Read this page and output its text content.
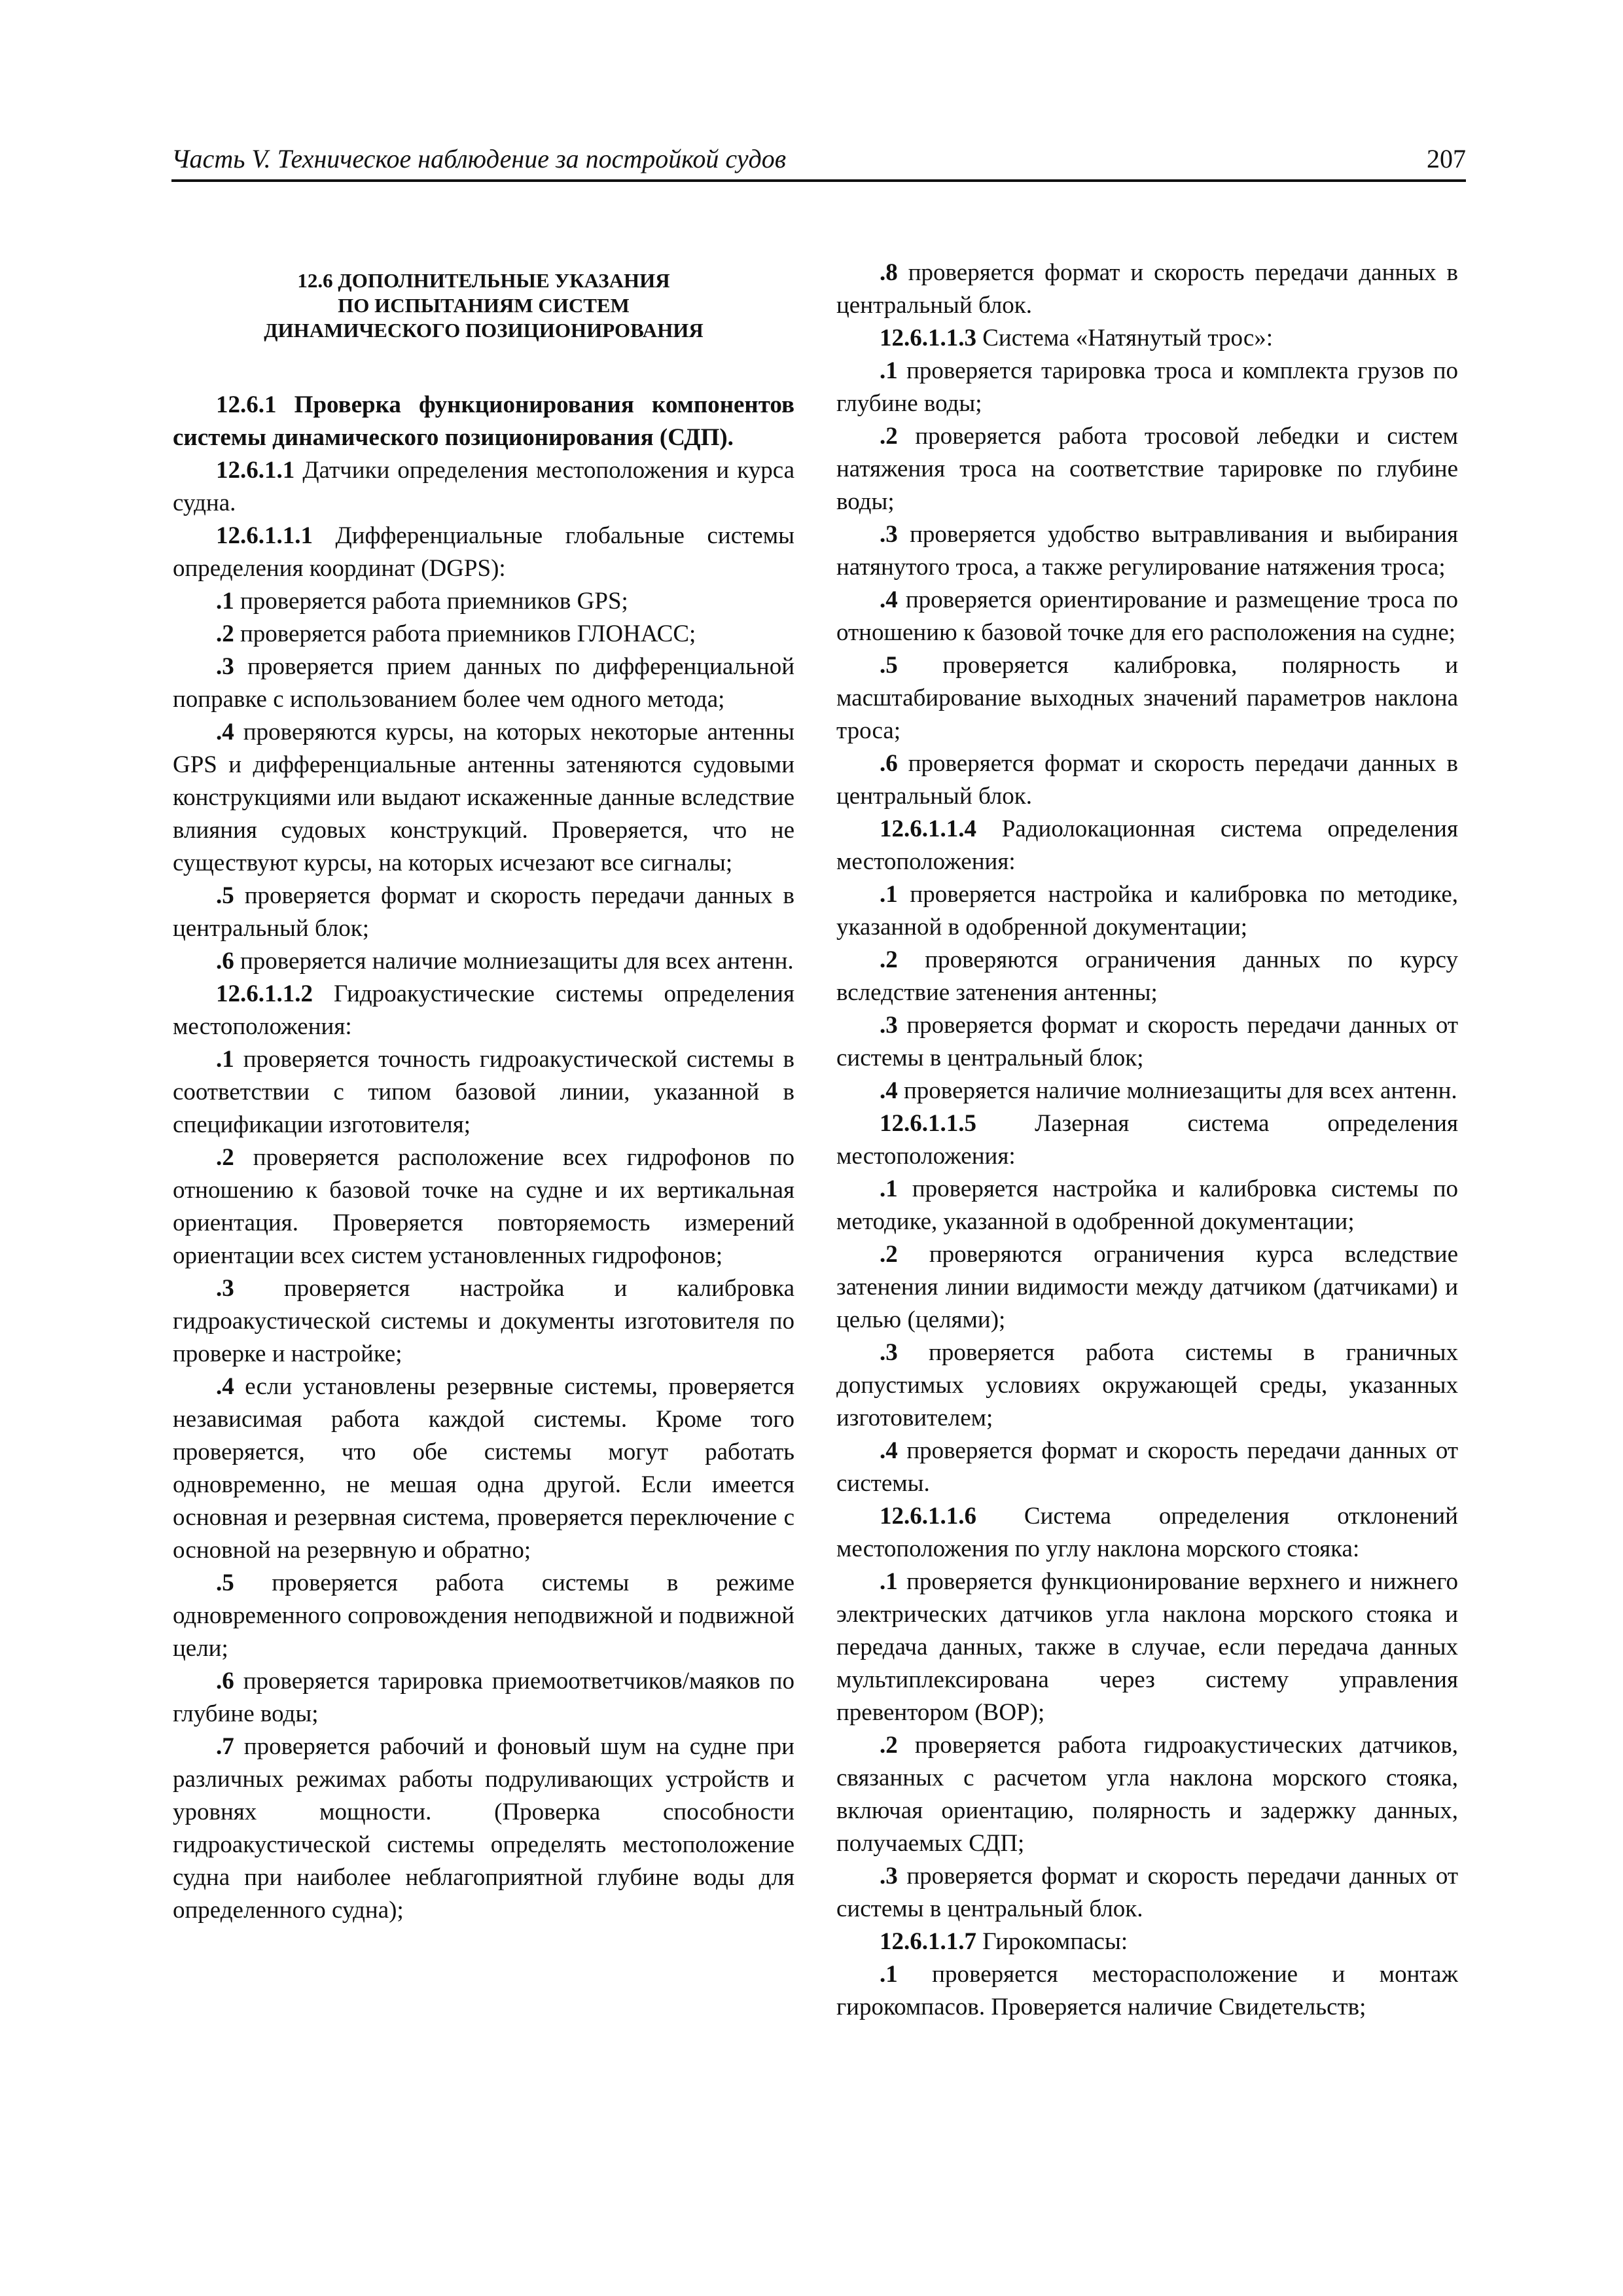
Часть V. Техническое наблюдение за постройкой судов	207
12.6 ДОПОЛНИТЕЛЬНЫЕ УКАЗАНИЯ
ПО ИСПЫТАНИЯМ СИСТЕМ
ДИНАМИЧЕСКОГО ПОЗИЦИОНИРОВАНИЯ

12.6.1 Проверка функционирования компонентов системы динамического позиционирования (СДП).

12.6.1.1 Датчики определения местоположения и курса судна.

12.6.1.1.1 Дифференциальные глобальные системы определения координат (DGPS):

.1 проверяется работа приемников GPS;

.2 проверяется работа приемников ГЛОНАСС;

.3 проверяется прием данных по дифференциальной поправке с использованием более чем одного метода;

.4 проверяются курсы, на которых некоторые антенны GPS и дифференциальные антенны затеняются судовыми конструкциями или выдают искаженные данные вследствие влияния судовых конструкций. Проверяется, что не существуют курсы, на которых исчезают все сигналы;

.5 проверяется формат и скорость передачи данных в центральный блок;

.6 проверяется наличие молниезащиты для всех антенн.

12.6.1.1.2 Гидроакустические системы определения местоположения:

.1 проверяется точность гидроакустической системы в соответствии с типом базовой линии, указанной в спецификации изготовителя;

.2 проверяется расположение всех гидрофонов по отношению к базовой точке на судне и их вертикальная ориентация. Проверяется повторяемость измерений ориентации всех систем установленных гидрофонов;

.3 проверяется настройка и калибровка гидроакустической системы и документы изготовителя по проверке и настройке;

.4 если установлены резервные системы, проверяется независимая работа каждой системы. Кроме того проверяется, что обе системы могут работать одновременно, не мешая одна другой. Если имеется основная и резервная система, проверяется переключение с основной на резервную и обратно;

.5 проверяется работа системы в режиме одновременного сопровождения неподвижной и подвижной цели;

.6 проверяется тарировка приемоответчиков/маяков по глубине воды;

.7 проверяется рабочий и фоновый шум на судне при различных режимах работы подруливающих устройств и уровнях мощности. (Проверка способности гидроакустической системы определять местоположение судна при наиболее неблагоприятной глубине воды для определенного судна);

.8 проверяется формат и скорость передачи данных в центральный блок.

12.6.1.1.3 Система «Натянутый трос»:

.1 проверяется тарировка троса и комплекта грузов по глубине воды;

.2 проверяется работа тросовой лебедки и систем натяжения троса на соответствие тарировке по глубине воды;

.3 проверяется удобство вытравливания и выбирания натянутого троса, а также регулирование натяжения троса;

.4 проверяется ориентирование и размещение троса по отношению к базовой точке для его расположения на судне;

.5 проверяется калибровка, полярность и масштабирование выходных значений параметров наклона троса;

.6 проверяется формат и скорость передачи данных в центральный блок.

12.6.1.1.4 Радиолокационная система определения местоположения:

.1 проверяется настройка и калибровка по методике, указанной в одобренной документации;

.2 проверяются ограничения данных по курсу вследствие затенения антенны;

.3 проверяется формат и скорость передачи данных от системы в центральный блок;

.4 проверяется наличие молниезащиты для всех антенн.

12.6.1.1.5 Лазерная система определения местоположения:

.1 проверяется настройка и калибровка системы по методике, указанной в одобренной документации;

.2 проверяются ограничения курса вследствие затенения линии видимости между датчиком (датчиками) и целью (целями);

.3 проверяется работа системы в граничных допустимых условиях окружающей среды, указанных изготовителем;

.4 проверяется формат и скорость передачи данных от системы.

12.6.1.1.6 Система определения отклонений местоположения по углу наклона морского стояка:

.1 проверяется функционирование верхнего и нижнего электрических датчиков угла наклона морского стояка и передача данных, также в случае, если передача данных мультиплексирована через систему управления превентором (ВОР);

.2 проверяется работа гидроакустических датчиков, связанных с расчетом угла наклона морского стояка, включая ориентацию, полярность и задержку данных, получаемых СДП;

.3 проверяется формат и скорость передачи данных от системы в центральный блок.

12.6.1.1.7 Гирокомпасы:

.1 проверяется месторасположение и монтаж гирокомпасов. Проверяется наличие Свидетельств;
